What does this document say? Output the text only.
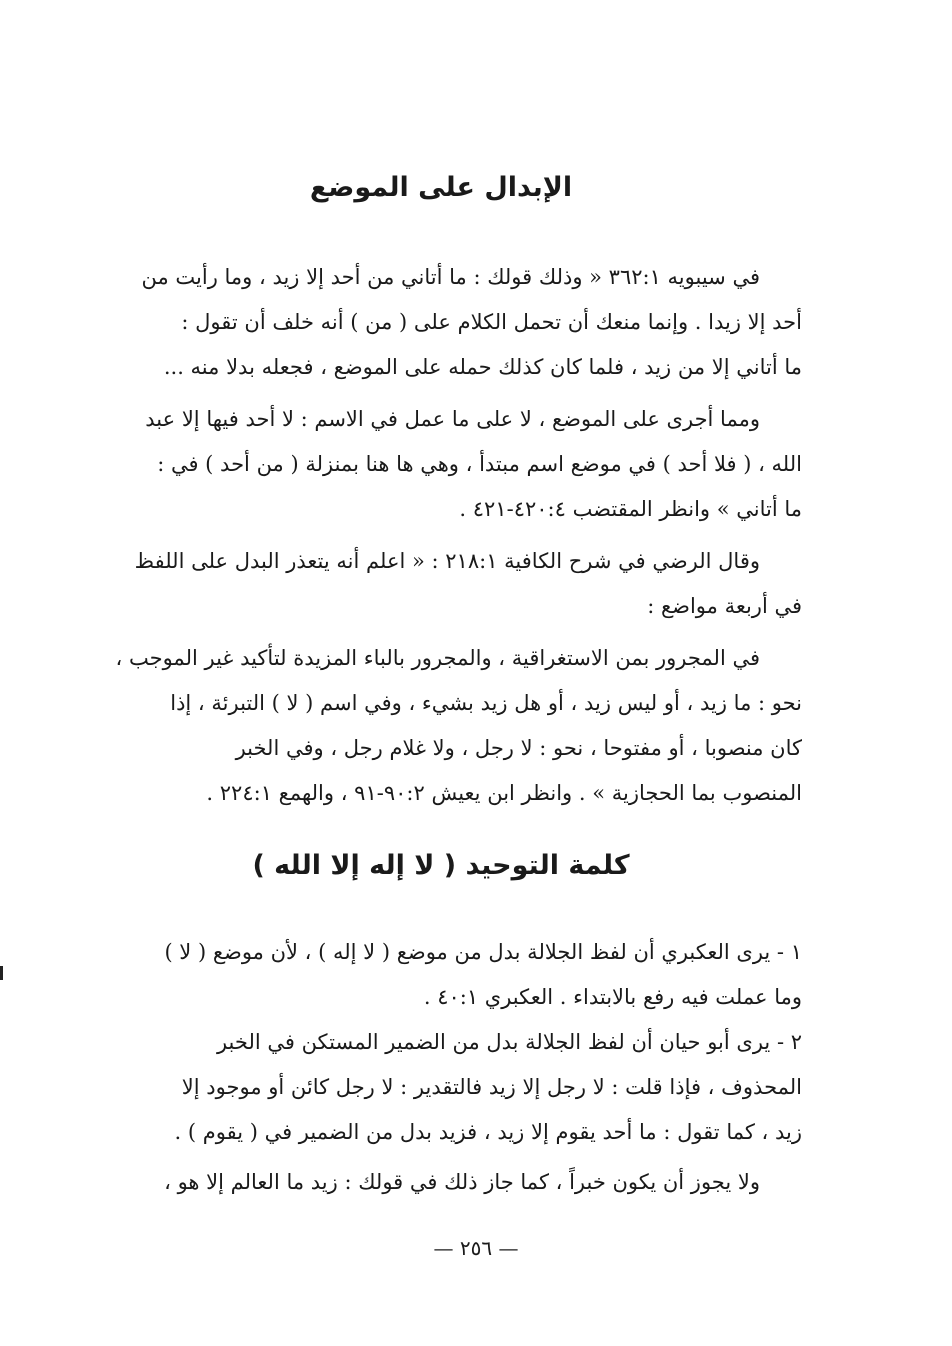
الإبدال على الموضع
في سيبويه ٣٦٢:١ « وذلك قولك : ما أتاني من أحد إلا زيد ، وما رأيت من
أحد إلا زيدا . وإنما منعك أن تحمل الكلام على ( من ) أنه خلف أن تقول :
ما أتاني إلا من زيد ، فلما كان كذلك حمله على الموضع ، فجعله بدلا منه ...
ومما أجرى على الموضع ، لا على ما عمل في الاسم : لا أحد فيها إلا عبد
الله ، ( فلا أحد ) في موضع اسم مبتدأ ، وهي ها هنا بمنزلة ( من أحد ) في :
ما أتاني » وانظر المقتضب ٤٢٠:٤-٤٢١ .
وقال الرضي في شرح الكافية ٢١٨:١ : « اعلم أنه يتعذر البدل على اللفظ
في أربعة مواضع :
في المجرور بمن الاستغراقية ، والمجرور بالباء المزيدة لتأكيد غير الموجب ،
نحو : ما زيد ، أو ليس زيد ، أو هل زيد بشيء ، وفي اسم ( لا ) التبرئة ، إذا
كان منصوبا ، أو مفتوحا ، نحو : لا رجل ، ولا غلام رجل ، وفي الخبر
المنصوب بما الحجازية » . وانظر ابن يعيش ٩٠:٢-٩١ ، والهمع ٢٢٤:١ .
كلمة التوحيد ( لا إله إلا الله )
١ - يرى العكبري أن لفظ الجلالة بدل من موضع ( لا إله ) ، لأن موضع ( لا )
وما عملت فيه رفع بالابتداء . العكبري ٤٠:١ .
٢ - يرى أبو حيان أن لفظ الجلالة بدل من الضمير المستكن في الخبر
المحذوف ، فإذا قلت : لا رجل إلا زيد فالتقدير : لا رجل كائن أو موجود إلا
زيد ، كما تقول : ما أحد يقوم إلا زيد ، فزيد بدل من الضمير في ( يقوم ) .
ولا يجوز أن يكون خبراً ، كما جاز ذلك في قولك : زيد ما العالم إلا هو ،
— ٢٥٦ —
